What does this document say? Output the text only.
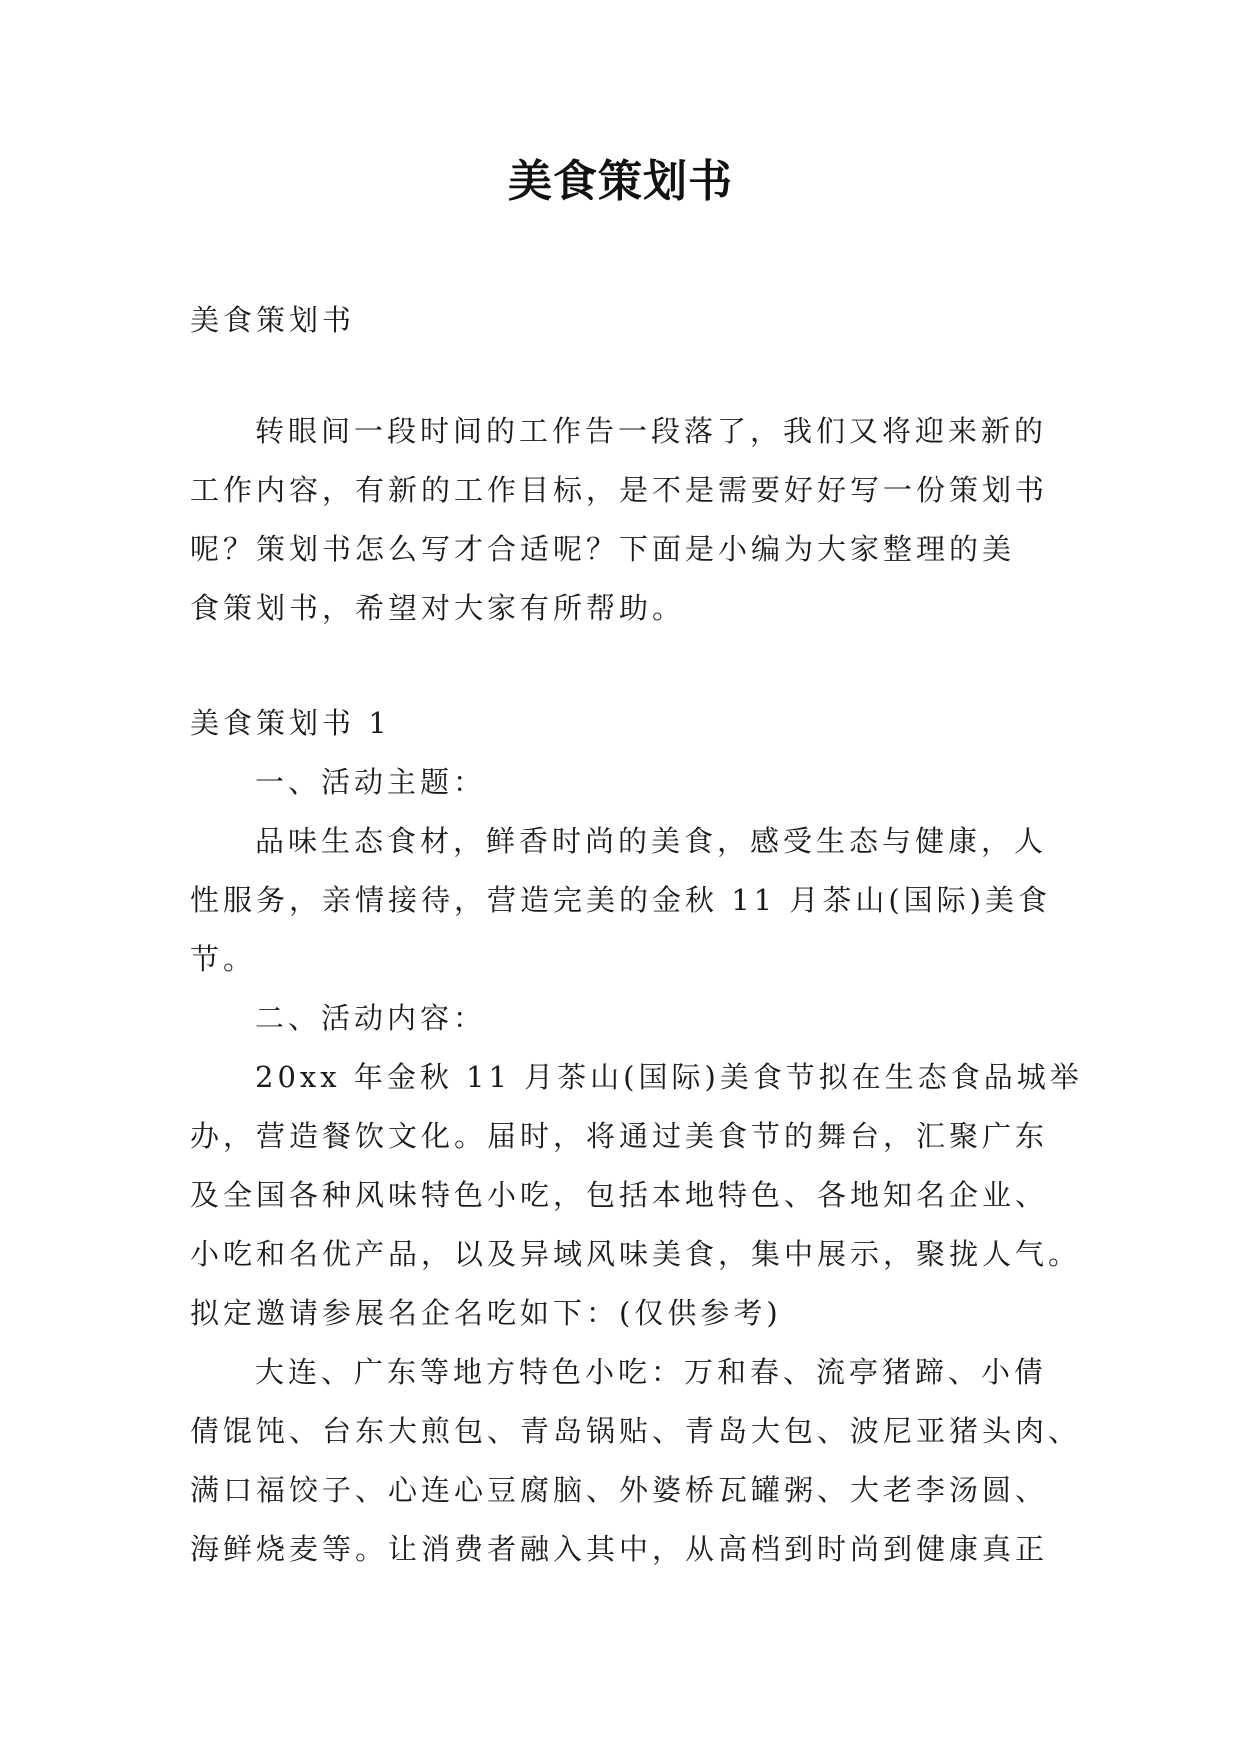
美食策划书

美食策划书

转眼间一段时间的工作告一段落了，我们又将迎来新的

工作内容，有新的工作目标，是不是需要好好写一份策划书

呢？策划书怎么写才合适呢？下面是小编为大家整理的美

食策划书，希望对大家有所帮助。

美食策划书 1

一、活动主题：

品味生态食材，鲜香时尚的美食，感受生态与健康，人

性服务，亲情接待，营造完美的金秋 11 月茶山(国际)美食

节。

二、活动内容：

20xx 年金秋 11 月茶山(国际)美食节拟在生态食品城举

办，营造餐饮文化。届时，将通过美食节的舞台，汇聚广东

及全国各种风味特色小吃，包括本地特色、各地知名企业、

小吃和名优产品，以及异域风味美食，集中展示，聚拢人气。

拟定邀请参展名企名吃如下：(仅供参考)

大连、广东等地方特色小吃：万和春、流亭猪蹄、小倩

倩馄饨、台东大煎包、青岛锅贴、青岛大包、波尼亚猪头肉、

满口福饺子、心连心豆腐脑、外婆桥瓦罐粥、大老李汤圆、

海鲜烧麦等。让消费者融入其中，从高档到时尚到健康真正
